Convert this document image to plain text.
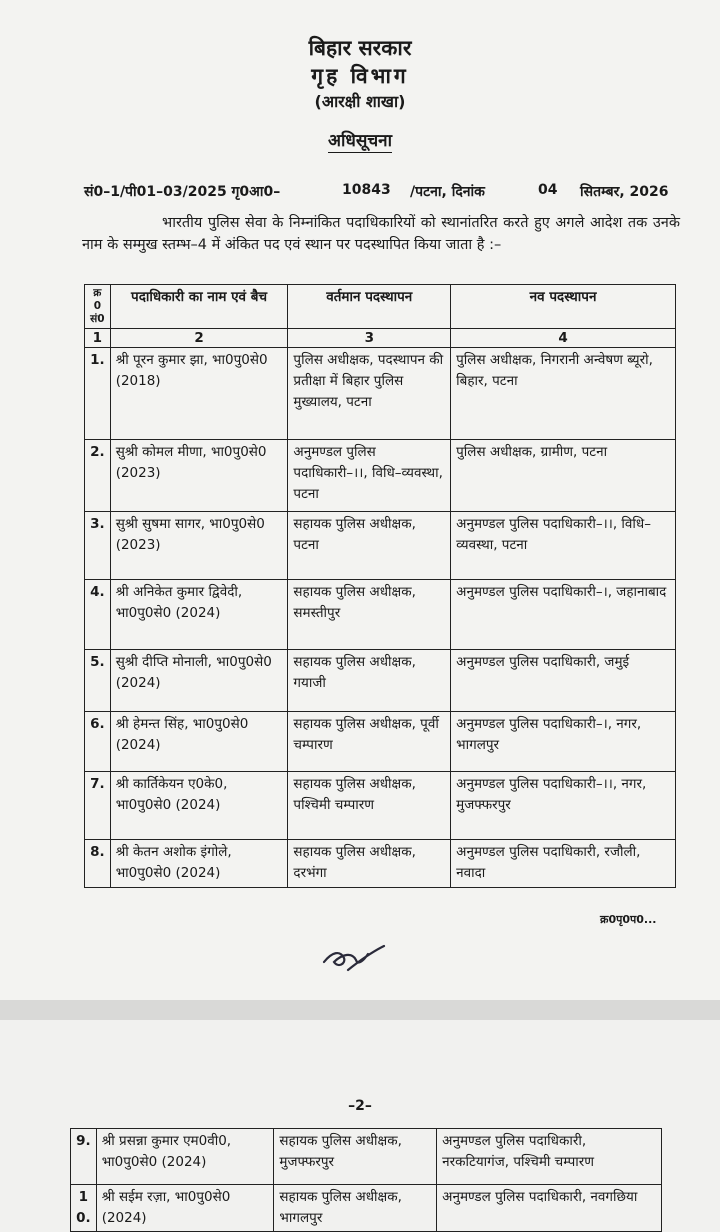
बिहार सरकार
गृह विभाग
(आरक्षी शाखा)
अधिसूचना
सं0–1/पी01–03/2025 गृ0आ0–	10843 /पटना, दिनांक	04 सितम्बर, 2026
भारतीय पुलिस सेवा के निम्नांकित पदाधिकारियों को स्थानांतरित करते हुए अगले आदेश तक उनके नाम के सम्मुख स्तम्भ–4 में अंकित पद एवं स्थान पर पदस्थापित किया जाता है :–
क्र0 सं0	पदाधिकारी का नाम एवं बैच	वर्तमान पदस्थापन	नव पदस्थापन
1	2	3	4
1.	श्री पूरन कुमार झा, भा0पु0से0 (2018)	पुलिस अधीक्षक, पदस्थापन की प्रतीक्षा में बिहार पुलिस मुख्यालय, पटना	पुलिस अधीक्षक, निगरानी अन्वेषण ब्यूरो, बिहार, पटना
2.	सुश्री कोमल मीणा, भा0पु0से0 (2023)	अनुमण्डल पुलिस पदाधिकारी–।।, विधि–व्यवस्था, पटना	पुलिस अधीक्षक, ग्रामीण, पटना
3.	सुश्री सुषमा सागर, भा0पु0से0 (2023)	सहायक पुलिस अधीक्षक, पटना	अनुमण्डल पुलिस पदाधिकारी–।।, विधि–व्यवस्था, पटना
4.	श्री अनिकेत कुमार द्विवेदी, भा0पु0से0 (2024)	सहायक पुलिस अधीक्षक, समस्तीपुर	अनुमण्डल पुलिस पदाधिकारी–।, जहानाबाद
5.	सुश्री दीप्ति मोनाली, भा0पु0से0 (2024)	सहायक पुलिस अधीक्षक, गयाजी	अनुमण्डल पुलिस पदाधिकारी, जमुई
6.	श्री हेमन्त सिंह, भा0पु0से0 (2024)	सहायक पुलिस अधीक्षक, पूर्वी चम्पारण	अनुमण्डल पुलिस पदाधिकारी–।, नगर, भागलपुर
7.	श्री कार्तिकेयन ए0के0, भा0पु0से0 (2024)	सहायक पुलिस अधीक्षक, पश्चिमी चम्पारण	अनुमण्डल पुलिस पदाधिकारी–।।, नगर, मुजफ्फरपुर
8.	श्री केतन अशोक इंगोले, भा0पु0से0 (2024)	सहायक पुलिस अधीक्षक, दरभंगा	अनुमण्डल पुलिस पदाधिकारी, रजौली, नवादा
क्र0पृ0प0...
–2–
9.	श्री प्रसन्ना कुमार एम0वी0, भा0पु0से0 (2024)	सहायक पुलिस अधीक्षक, मुजफ्फरपुर	अनुमण्डल पुलिस पदाधिकारी, नरकटियागंज, पश्चिमी चम्पारण
10.	श्री सईम रज़ा, भा0पु0से0 (2024)	सहायक पुलिस अधीक्षक, भागलपुर	अनुमण्डल पुलिस पदाधिकारी, नवगछिया
